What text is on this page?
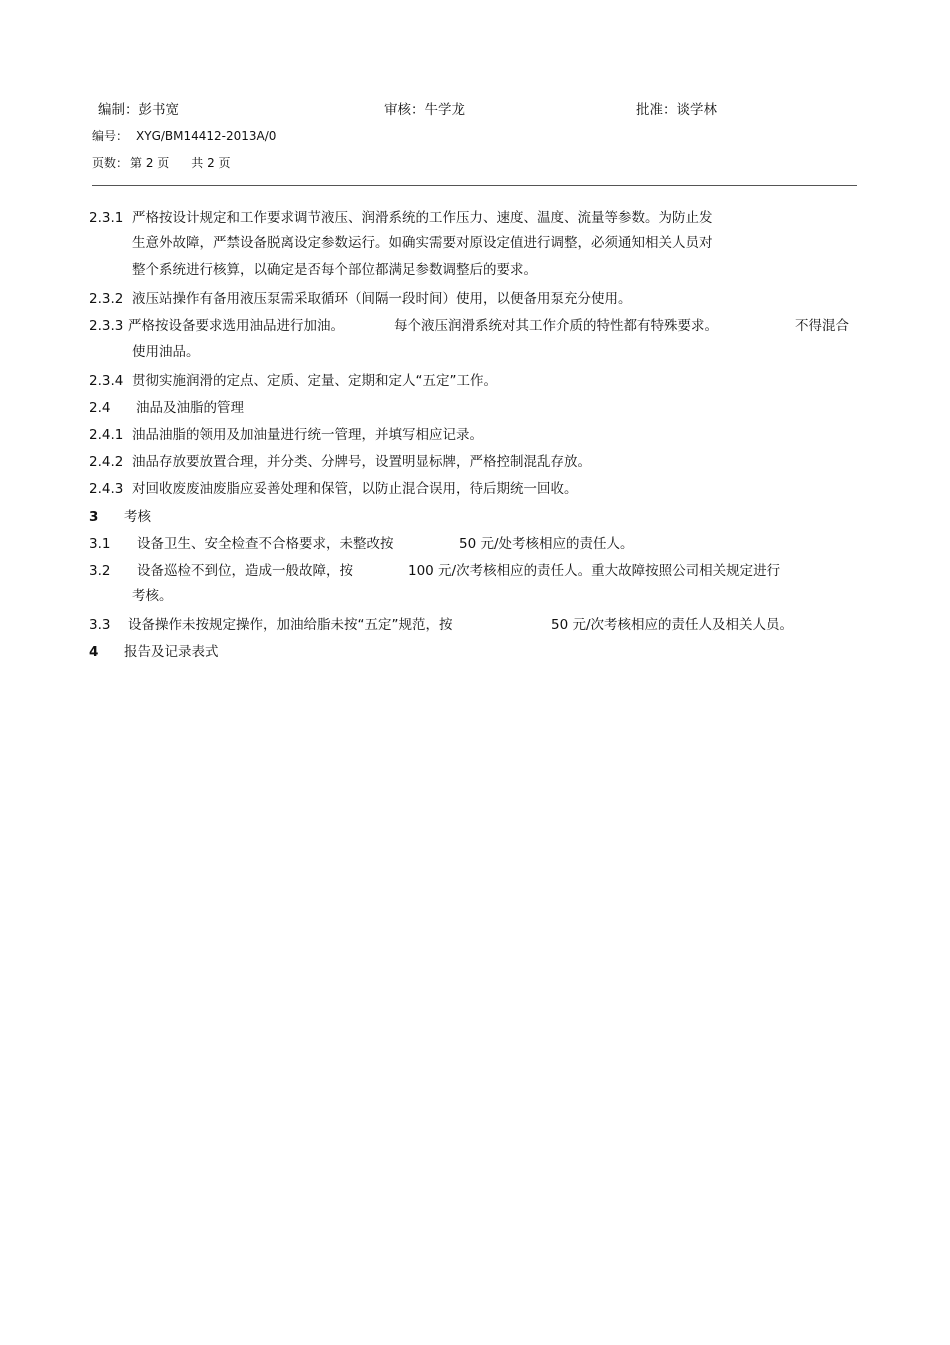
编制：彭书宽	审核：牛学龙	批准：谈学林
编号： XYG/BM14412-2013A/0
页数： 第 2 页 共 2 页
2.3.1 严格按设计规定和工作要求调节液压、润滑系统的工作压力、速度、温度、流量等参数。为防止发
生意外故障，严禁设备脱离设定参数运行。如确实需要对原设定值进行调整，必须通知相关人员对
整个系统进行核算，以确定是否每个部位都满足参数调整后的要求。
2.3.2 液压站操作有备用液压泵需采取循环（间隔一段时间）使用，以便备用泵充分使用。
2.3.3 严格按设备要求选用油品进行加油。	每个液压润滑系统对其工作介质的特性都有特殊要求。	不得混合
使用油品。
2.3.4 贯彻实施润滑的定点、定质、定量、定期和定人“五定”工作。
2.4 油品及油脂的管理
2.4.1 油品油脂的领用及加油量进行统一管理，并填写相应记录。
2.4.2 油品存放要放置合理，并分类、分牌号，设置明显标牌，严格控制混乱存放。
2.4.3 对回收废废油废脂应妥善处理和保管，以防止混合误用，待后期统一回收。
3 考核
3.1 设备卫生、安全检查不合格要求，未整改按	50 元/处考核相应的责任人。
3.2 设备巡检不到位，造成一般故障，按	100 元/次考核相应的责任人。重大故障按照公司相关规定进行
考核。
3.3 设备操作未按规定操作，加油给脂未按“五定”规范，按	50 元/次考核相应的责任人及相关人员。
4 报告及记录表式
